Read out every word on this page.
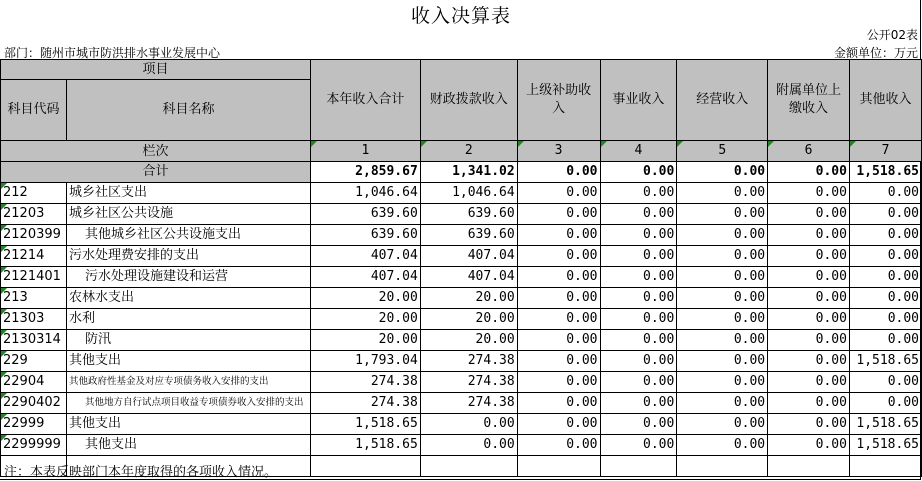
收入决算表
公开02表
部门：随州市城市防洪排水事业发展中心	金额单位：万元
项目		本年收入合计	财政拨款收入	上级补助收入	事业收入	经营收入	附属单位上缴收入	其他收入
科目代码	科目名称							
栏次		1	2	3	4	5	6	7
合计		2,859.67	1,341.02	0.00	0.00	0.00	0.00	1,518.65
212	城乡社区支出	1,046.64	1,046.64	0.00	0.00	0.00	0.00	0.00
21203	城乡社区公共设施	639.60	639.60	0.00	0.00	0.00	0.00	0.00
2120399	其他城乡社区公共设施支出	639.60	639.60	0.00	0.00	0.00	0.00	0.00
21214	污水处理费安排的支出	407.04	407.04	0.00	0.00	0.00	0.00	0.00
2121401	污水处理设施建设和运营	407.04	407.04	0.00	0.00	0.00	0.00	0.00
213	农林水支出	20.00	20.00	0.00	0.00	0.00	0.00	0.00
21303	水利	20.00	20.00	0.00	0.00	0.00	0.00	0.00
2130314	防汛	20.00	20.00	0.00	0.00	0.00	0.00	0.00
229	其他支出	1,793.04	274.38	0.00	0.00	0.00	0.00	1,518.65
22904	其他政府性基金及对应专项债务收入安排的支出	274.38	274.38	0.00	0.00	0.00	0.00	0.00
2290402	其他地方自行试点项目收益专项债券收入安排的支出	274.38	274.38	0.00	0.00	0.00	0.00	0.00
22999	其他支出	1,518.65	0.00	0.00	0.00	0.00	0.00	1,518.65
2299999	其他支出	1,518.65	0.00	0.00	0.00	0.00	0.00	1,518.65

注：本表反映部门本年度取得的各项收入情况。
